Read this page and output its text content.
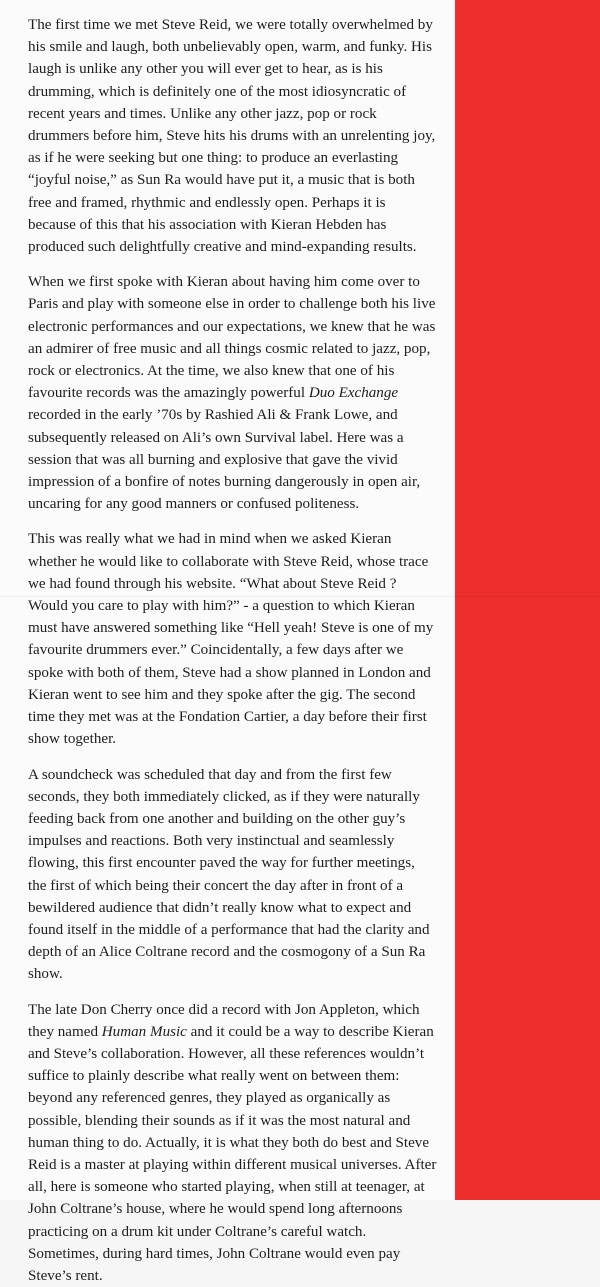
The first time we met Steve Reid, we were totally overwhelmed by his smile and laugh, both unbelievably open, warm, and funky. His laugh is unlike any other you will ever get to hear, as is his drumming, which is definitely one of the most idiosyncratic of recent years and times. Unlike any other jazz, pop or rock drummers before him, Steve hits his drums with an unrelenting joy, as if he were seeking but one thing: to produce an everlasting “joyful noise,” as Sun Ra would have put it, a music that is both free and framed, rhythmic and endlessly open. Perhaps it is because of this that his association with Kieran Hebden has produced such delightfully creative and mind-expanding results.

When we first spoke with Kieran about having him come over to Paris and play with someone else in order to challenge both his live electronic performances and our expectations, we knew that he was an admirer of free music and all things cosmic related to jazz, pop, rock or electronics. At the time, we also knew that one of his favourite records was the amazingly powerful Duo Exchange recorded in the early ’70s by Rashied Ali & Frank Lowe, and subsequently released on Ali’s own Survival label. Here was a session that was all burning and explosive that gave the vivid impression of a bonfire of notes burning dangerously in open air, uncaring for any good manners or confused politeness.

This was really what we had in mind when we asked Kieran whether he would like to collaborate with Steve Reid, whose trace we had found through his website. “What about Steve Reid ? Would you care to play with him?” - a question to which Kieran must have answered something like “Hell yeah! Steve is one of my favourite drummers ever.” Coincidentally, a few days after we spoke with both of them, Steve had a show planned in London and Kieran went to see him and they spoke after the gig. The second time they met was at the Fondation Cartier, a day before their first show together.

A soundcheck was scheduled that day and from the first few seconds, they both immediately clicked, as if they were naturally feeding back from one another and building on the other guy’s impulses and reactions. Both very instinctual and seamlessly flowing, this first encounter paved the way for further meetings, the first of which being their concert the day after in front of a bewildered audience that didn’t really know what to expect and found itself in the middle of a performance that had the clarity and depth of an Alice Coltrane record and the cosmogony of a Sun Ra show.

The late Don Cherry once did a record with Jon Appleton, which they named Human Music and it could be a way to describe Kieran and Steve’s collaboration. However, all these references wouldn’t suffice to plainly describe what really went on between them: beyond any referenced genres, they played as organically as possible, blending their sounds as if it was the most natural and human thing to do. Actually, it is what they both do best and Steve Reid is a master at playing within different musical universes. After all, here is someone who started playing, when still at teenager, at John Coltrane’s house, where he would spend long afternoons practicing on a drum kit under Coltrane’s careful watch. Sometimes, during hard times, John Coltrane would even pay Steve’s rent.
